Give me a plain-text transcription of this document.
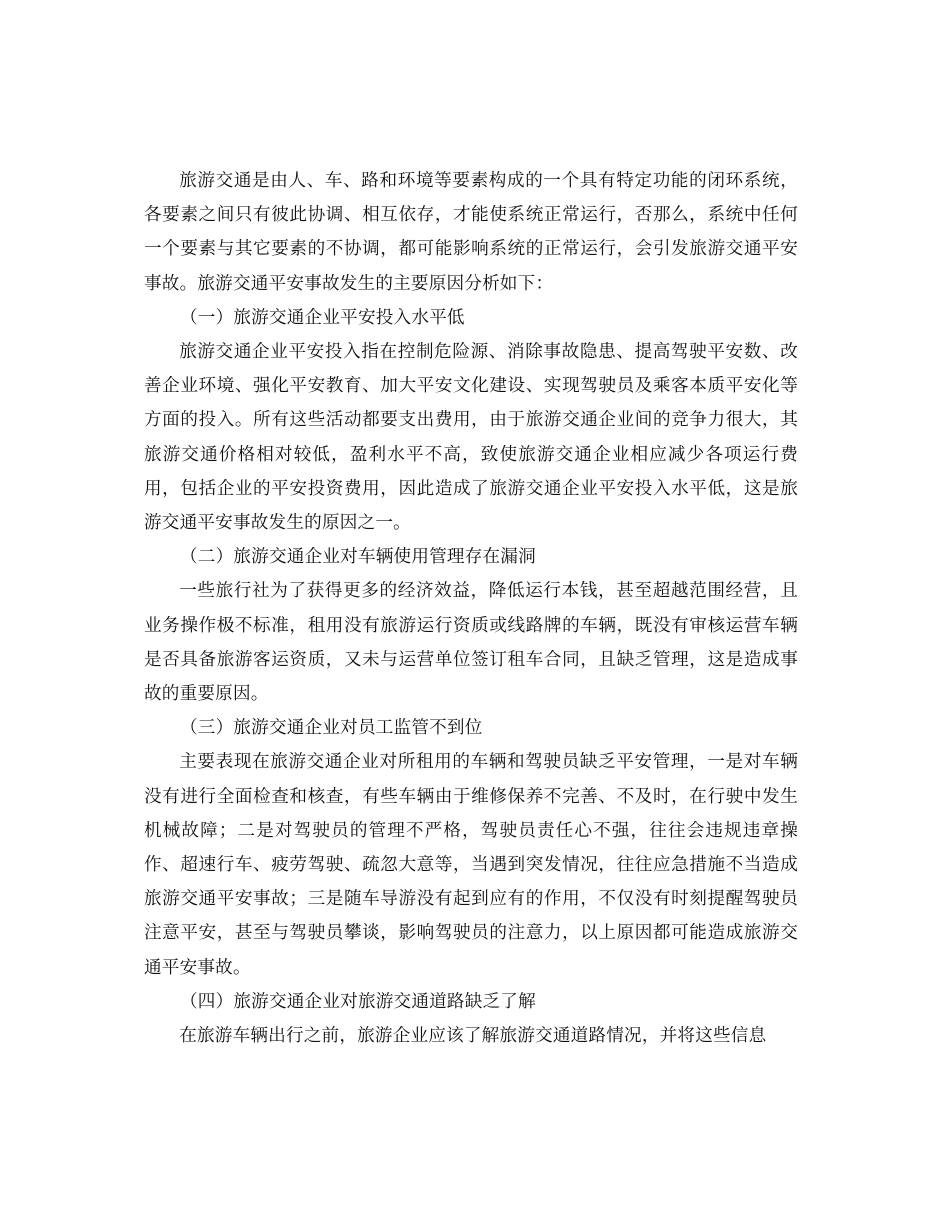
旅游交通是由人、车、路和环境等要素构成的一个具有特定功能的闭环系统，各要素之间只有彼此协调、相互依存，才能使系统正常运行，否那么，系统中任何一个要素与其它要素的不协调，都可能影响系统的正常运行，会引发旅游交通平安事故。旅游交通平安事故发生的主要原因分析如下：

（一）旅游交通企业平安投入水平低

旅游交通企业平安投入指在控制危险源、消除事故隐患、提高驾驶平安数、改善企业环境、强化平安教育、加大平安文化建设、实现驾驶员及乘客本质平安化等方面的投入。所有这些活动都要支出费用，由于旅游交通企业间的竞争力很大，其旅游交通价格相对较低，盈利水平不高，致使旅游交通企业相应减少各项运行费用，包括企业的平安投资费用，因此造成了旅游交通企业平安投入水平低，这是旅游交通平安事故发生的原因之一。

（二）旅游交通企业对车辆使用管理存在漏洞

一些旅行社为了获得更多的经济效益，降低运行本钱，甚至超越范围经营，且业务操作极不标准，租用没有旅游运行资质或线路牌的车辆，既没有审核运营车辆是否具备旅游客运资质，又未与运营单位签订租车合同，且缺乏管理，这是造成事故的重要原因。

（三）旅游交通企业对员工监管不到位

主要表现在旅游交通企业对所租用的车辆和驾驶员缺乏平安管理，一是对车辆没有进行全面检查和核查，有些车辆由于维修保养不完善、不及时，在行驶中发生机械故障；二是对驾驶员的管理不严格，驾驶员责任心不强，往往会违规违章操作、超速行车、疲劳驾驶、疏忽大意等，当遇到突发情况，往往应急措施不当造成旅游交通平安事故；三是随车导游没有起到应有的作用，不仅没有时刻提醒驾驶员注意平安，甚至与驾驶员攀谈，影响驾驶员的注意力，以上原因都可能造成旅游交通平安事故。

（四）旅游交通企业对旅游交通道路缺乏了解

在旅游车辆出行之前，旅游企业应该了解旅游交通道路情况，并将这些信息
